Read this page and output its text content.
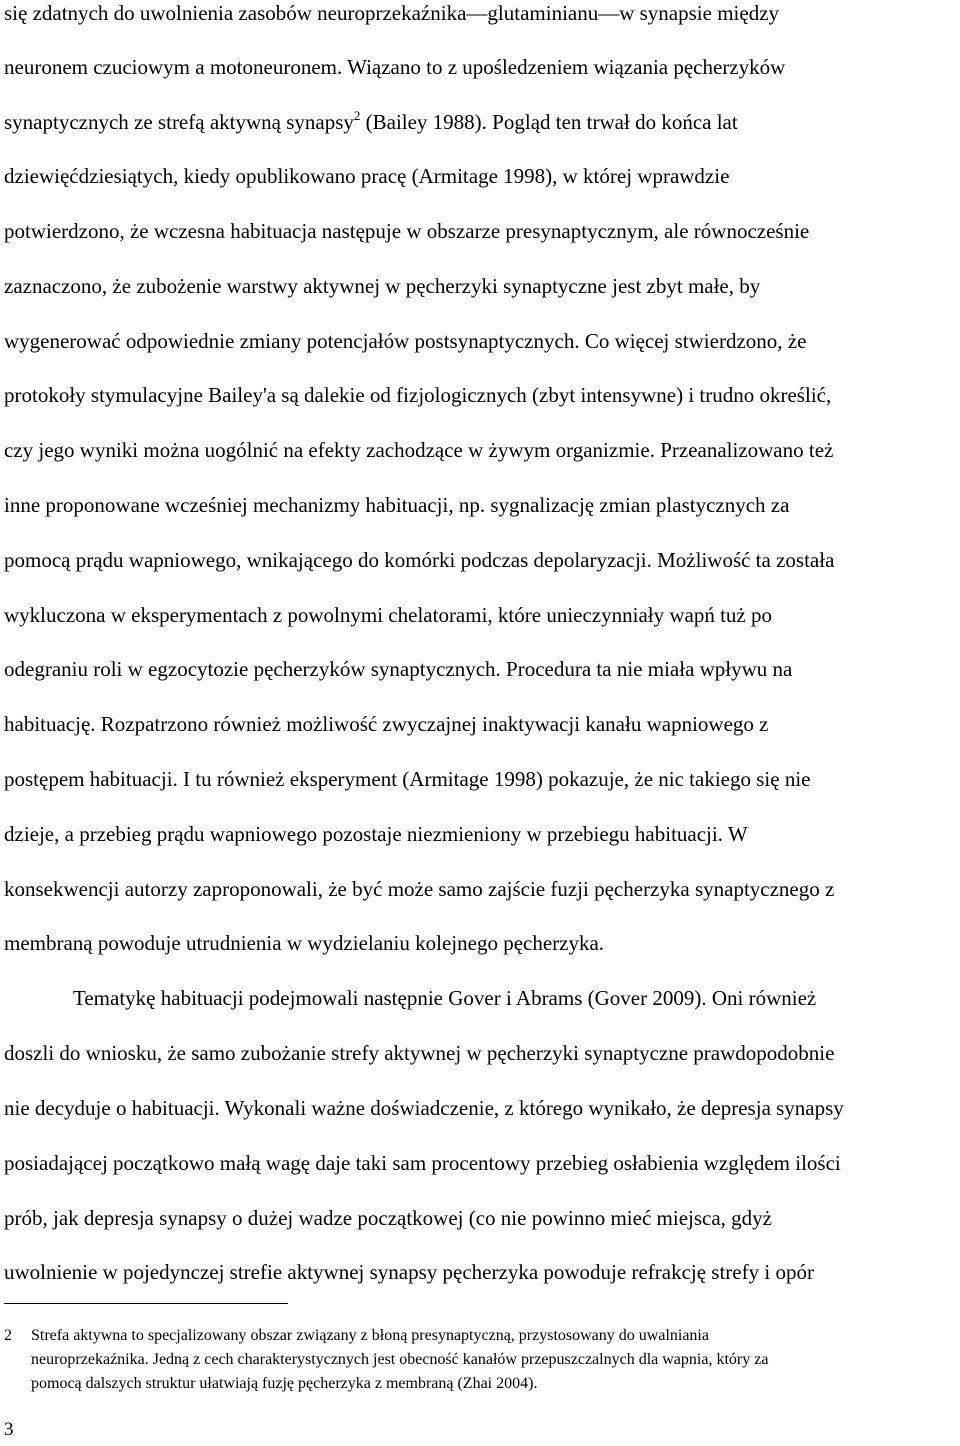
się zdatnych do uwolnienia zasobów neuroprzekaźnika—glutaminianu—w synapsie między
neuronem czuciowym a motoneuronem. Wiązano to z upośledzeniem wiązania pęcherzyków
synaptycznych ze strefą aktywną synapsy$^2$ (Bailey 1988). Pogląd ten trwał do końca lat
dziewięćdziesiątych, kiedy opublikowano pracę (Armitage 1998), w której wprawdzie
potwierdzono, że wczesna habituacja następuje w obszarze presynaptycznym, ale równocześnie
zaznaczono, że zubożenie warstwy aktywnej w pęcherzyki synaptyczne jest zbyt małe, by
wygenerować odpowiednie zmiany potencjałów postsynaptycznych. Co więcej stwierdzono, że
protokoły stymulacyjne Bailey'a są dalekie od fizjologicznych (zbyt intensywne) i trudno określić,
czy jego wyniki można uogólnić na efekty zachodzące w żywym organizmie. Przeanalizowano też
inne proponowane wcześniej mechanizmy habituacji, np. sygnalizację zmian plastycznych za
pomocą prądu wapniowego, wnikającego do komórki podczas depolaryzacji. Możliwość ta została
wykluczona w eksperymentach z powolnymi chelatorami, które unieczynniały wapń tuż po
odegraniu roli w egzocytozie pęcherzyków synaptycznych. Procedura ta nie miała wpływu na
habituację. Rozpatrzono również możliwość zwyczajnej inaktywacji kanału wapniowego z
postępem habituacji. I tu również eksperyment (Armitage 1998) pokazuje, że nic takiego się nie
dzieje, a przebieg prądu wapniowego pozostaje niezmieniony w przebiegu habituacji. W
konsekwencji autorzy zaproponowali, że być może samo zajście fuzji pęcherzyka synaptycznego z
membraną powoduje utrudnienia w wydzielaniu kolejnego pęcherzyka.
Tematykę habituacji podejmowali następnie Gover i Abrams (Gover 2009). Oni również
doszli do wniosku, że samo zubożanie strefy aktywnej w pęcherzyki synaptyczne prawdopodobnie
nie decyduje o habituacji. Wykonali ważne doświadczenie, z którego wynikało, że depresja synapsy
posiadającej początkowo małą wagę daje taki sam procentowy przebieg osłabienia względem ilości
prób, jak depresja synapsy o dużej wadze początkowej (co nie powinno mieć miejsca, gdyż
uwolnienie w pojedynczej strefie aktywnej synapsy pęcherzyka powoduje refrakcję strefy i opór
2 Strefa aktywna to specjalizowany obszar związany z błoną presynaptyczną, przystosowany do uwalniania
neuroprzekaźnika. Jedną z cech charakterystycznych jest obecność kanałów przepuszczalnych dla wapnia, który za
pomocą dalszych struktur ułatwiają fuzję pęcherzyka z membraną (Zhai 2004).
3
